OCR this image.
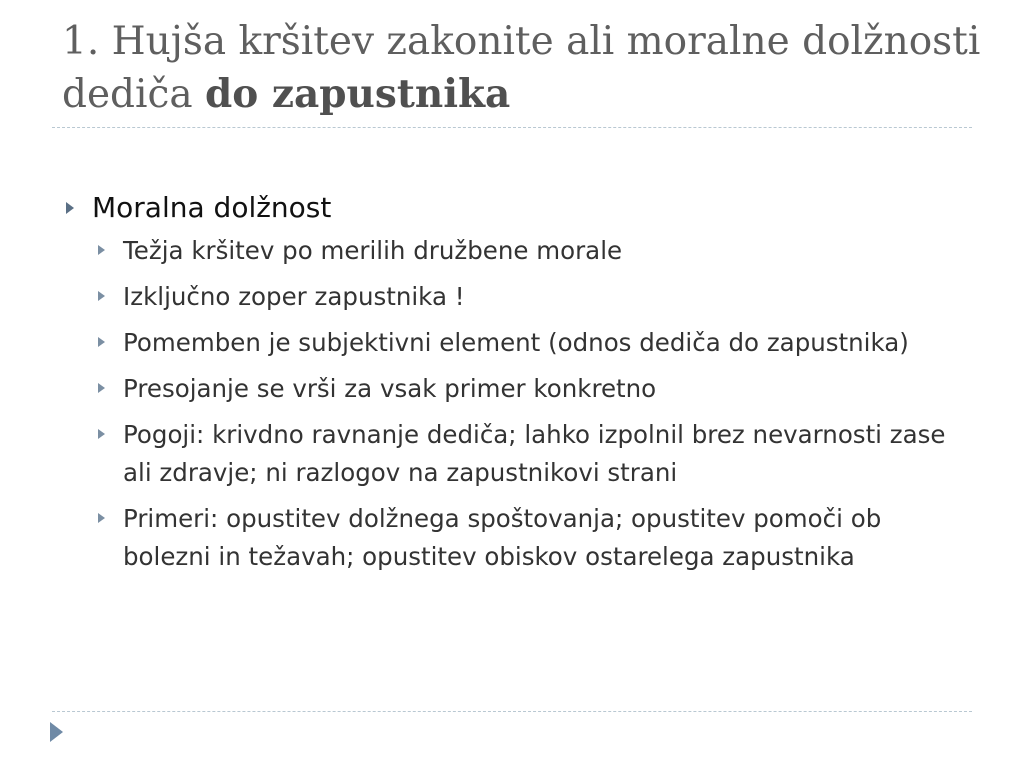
1. Hujša kršitev zakonite ali moralne dolžnosti dediča do zapustnika
Moralna dolžnost
Težja kršitev po merilih družbene morale
Izključno zoper zapustnika !
Pomemben je subjektivni element (odnos dediča do zapustnika)
Presojanje se vrši za vsak primer konkretno
Pogoji: krivdno ravnanje dediča; lahko izpolnil brez nevarnosti zase ali zdravje; ni razlogov na zapustnikovi strani
Primeri: opustitev dolžnega spoštovanja; opustitev pomoči ob bolezni in težavah; opustitev obiskov ostarelega zapustnika
